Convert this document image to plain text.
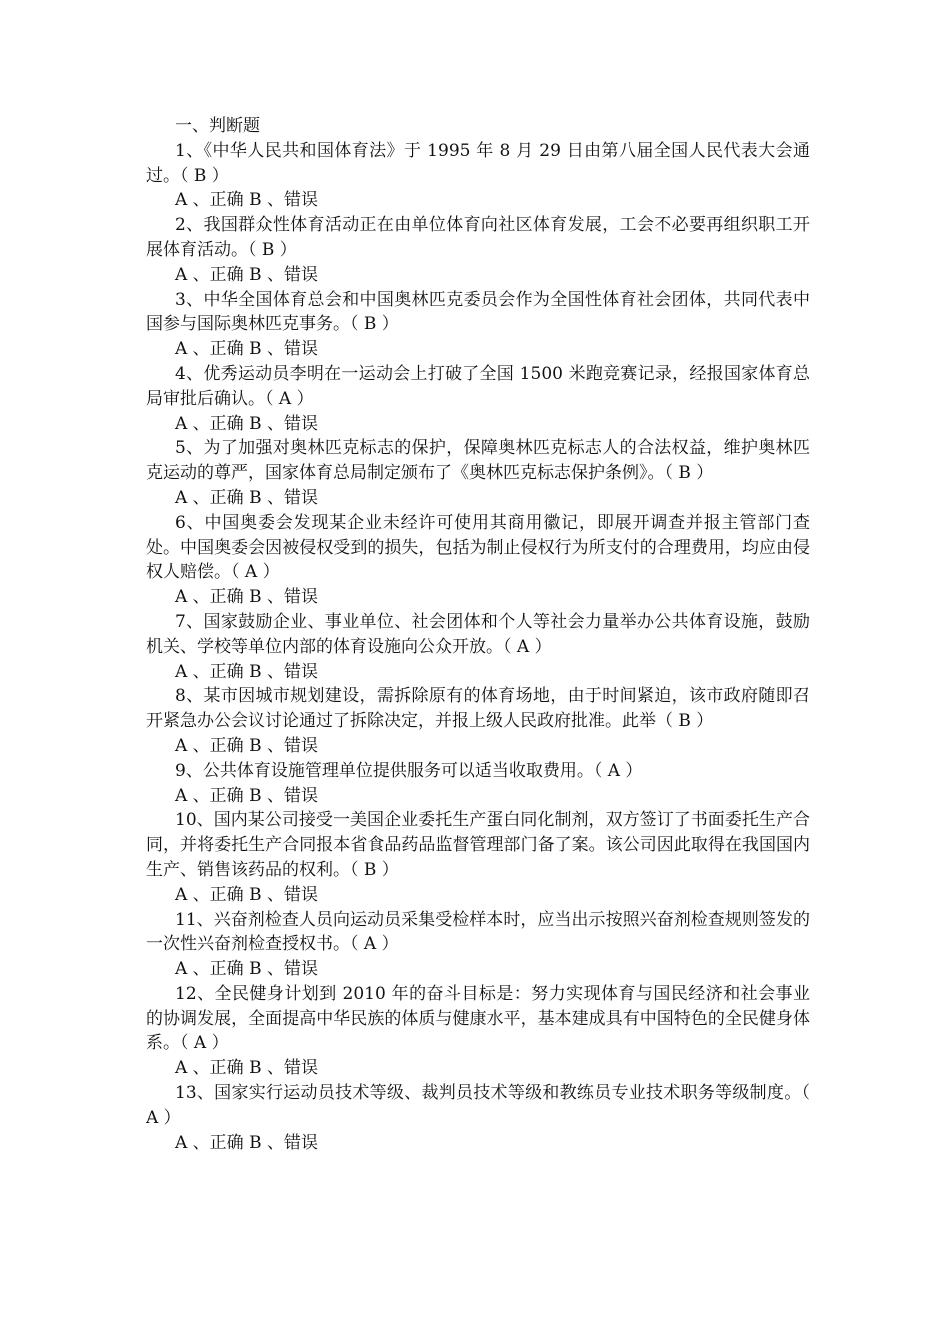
一、判断题

1、《中华人民共和国体育法》于 1995 年 8 月 29 日由第八届全国人民代表大会通过。（ B ）

A 、正确 B 、错误

2、我国群众性体育活动正在由单位体育向社区体育发展，工会不必要再组织职工开展体育活动。（ B ）

A 、正确 B 、错误

3、中华全国体育总会和中国奥林匹克委员会作为全国性体育社会团体，共同代表中国参与国际奥林匹克事务。（ B ）

A 、正确 B 、错误

4、优秀运动员李明在一运动会上打破了全国 1500 米跑竞赛记录，经报国家体育总局审批后确认。（ A ）

A 、正确 B 、错误

5、为了加强对奥林匹克标志的保护，保障奥林匹克标志人的合法权益，维护奥林匹克运动的尊严，国家体育总局制定颁布了《奥林匹克标志保护条例》。（ B ）

A 、正确 B 、错误

6、中国奥委会发现某企业未经许可使用其商用徽记，即展开调查并报主管部门查处。中国奥委会因被侵权受到的损失，包括为制止侵权行为所支付的合理费用，均应由侵权人赔偿。（ A ）

A 、正确 B 、错误

7、国家鼓励企业、事业单位、社会团体和个人等社会力量举办公共体育设施，鼓励机关、学校等单位内部的体育设施向公众开放。（ A ）

A 、正确 B 、错误

8、某市因城市规划建设，需拆除原有的体育场地，由于时间紧迫，该市政府随即召开紧急办公会议讨论通过了拆除决定，并报上级人民政府批准。此举（ B ）

A 、正确 B 、错误

9、公共体育设施管理单位提供服务可以适当收取费用。（ A ）

A 、正确 B 、错误

10、国内某公司接受一美国企业委托生产蛋白同化制剂，双方签订了书面委托生产合同，并将委托生产合同报本省食品药品监督管理部门备了案。该公司因此取得在我国国内生产、销售该药品的权利。（ B ）

A 、正确 B 、错误

11、兴奋剂检查人员向运动员采集受检样本时，应当出示按照兴奋剂检查规则签发的一次性兴奋剂检查授权书。（ A ）

A 、正确 B 、错误

12、全民健身计划到 2010 年的奋斗目标是：努力实现体育与国民经济和社会事业的协调发展，全面提高中华民族的体质与健康水平，基本建成具有中国特色的全民健身体系。（ A ）

A 、正确 B 、错误

13、国家实行运动员技术等级、裁判员技术等级和教练员专业技术职务等级制度。（ A ）

A 、正确 B 、错误
